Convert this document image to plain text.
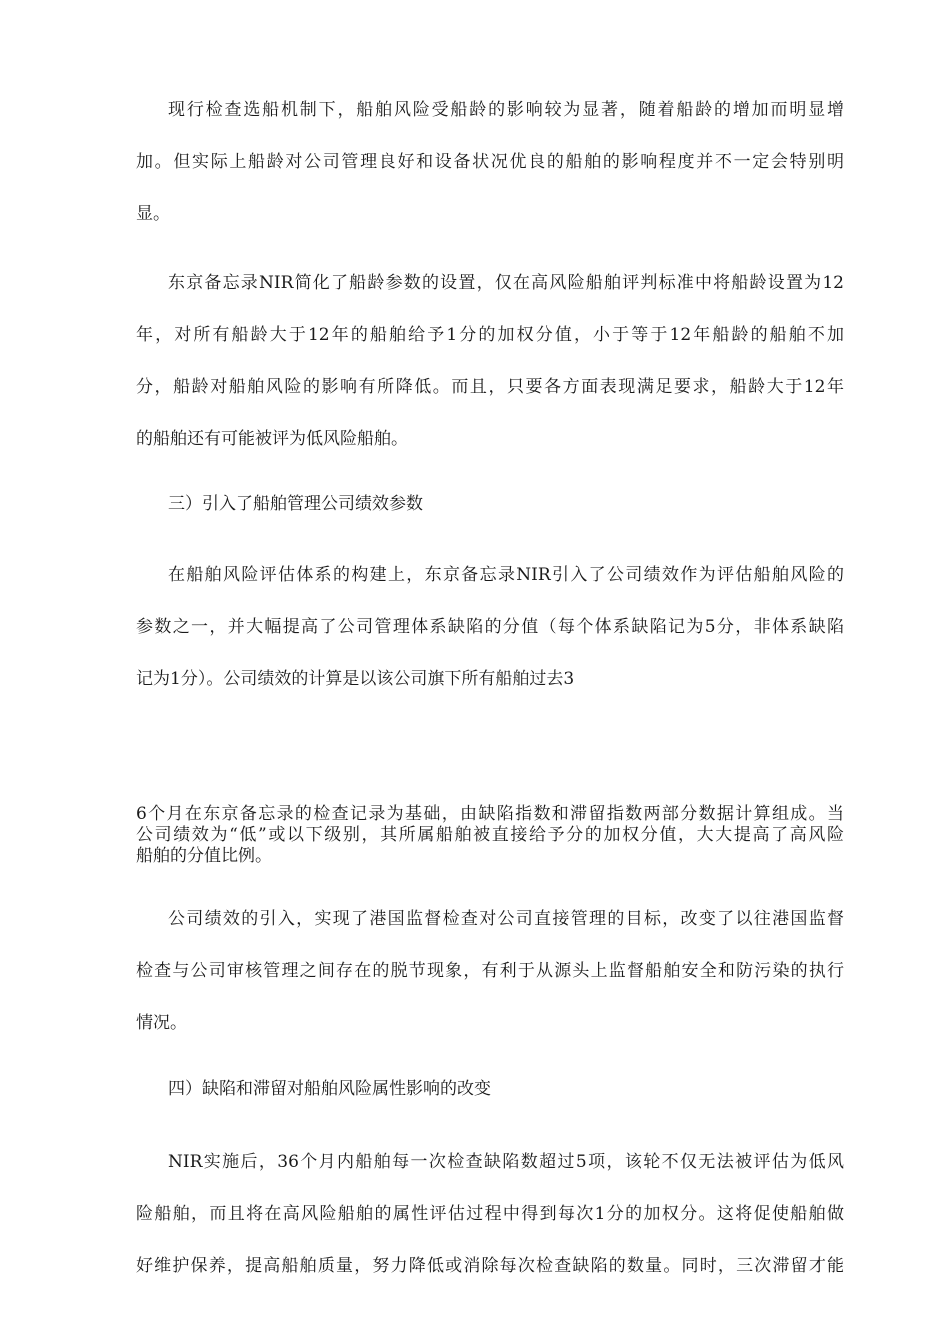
现行检查选船机制下，船舶风险受船龄的影响较为显著，随着船龄的增加而明显增
加。但实际上船龄对公司管理良好和设备状况优良的船舶的影响程度并不一定会特别明
显。
东京备忘录NIR简化了船龄参数的设置，仅在高风险船舶评判标准中将船龄设置为12
年，对所有船龄大于12年的船舶给予1分的加权分值，小于等于12年船龄的船舶不加
分，船龄对船舶风险的影响有所降低。而且，只要各方面表现满足要求，船龄大于12年
的船舶还有可能被评为低风险船舶。
三）引入了船舶管理公司绩效参数
在船舶风险评估体系的构建上，东京备忘录NIR引入了公司绩效作为评估船舶风险的
参数之一，并大幅提高了公司管理体系缺陷的分值（每个体系缺陷记为5分，非体系缺陷
记为1分）。公司绩效的计算是以该公司旗下所有船舶过去3
6个月在东京备忘录的检查记录为基础，由缺陷指数和滞留指数两部分数据计算组成。当
公司绩效为“低”或以下级别，其所属船舶被直接给予分的加权分值，大大提高了高风险
船舶的分值比例。
公司绩效的引入，实现了港国监督检查对公司直接管理的目标，改变了以往港国监督
检查与公司审核管理之间存在的脱节现象，有利于从源头上监督船舶安全和防污染的执行
情况。
四）缺陷和滞留对船舶风险属性影响的改变
NIR实施后，36个月内船舶每一次检查缺陷数超过5项，该轮不仅无法被评估为低风
险船舶，而且将在高风险船舶的属性评估过程中得到每次1分的加权分。这将促使船舶做
好维护保养，提高船舶质量，努力降低或消除每次检查缺陷的数量。同时，三次滞留才能
